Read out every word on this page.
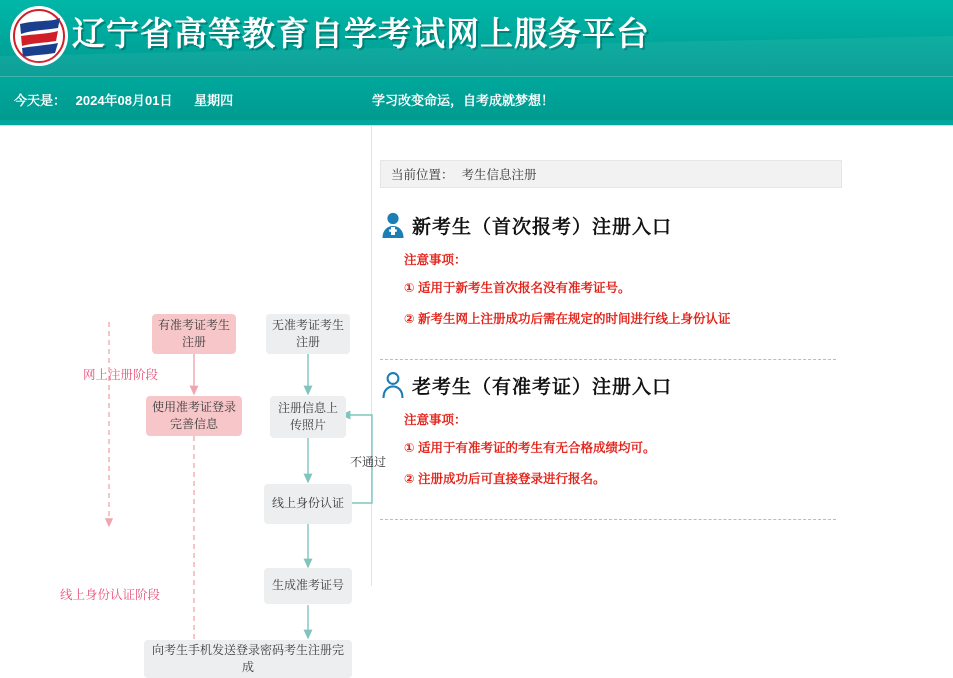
辽宁省高等教育自学考试网上服务平台
今天是： 2024年08月01日 星期四	学习改变命运，自考成就梦想！
有准考证考生注册
无准考证考生注册
使用准考证登录完善信息
注册信息上传照片
线上身份认证
生成准考证号
向考生手机发送登录密码考生注册完成
网上注册阶段
线上身份认证阶段
不通过
当前位置： 考生信息注册
新考生（首次报考）注册入口
注意事项：
① 适用于新考生首次报名没有准考证号。
② 新考生网上注册成功后需在规定的时间进行线上身份认证
老考生（有准考证）注册入口
注意事项：
① 适用于有准考证的考生有无合格成绩均可。
② 注册成功后可直接登录进行报名。
